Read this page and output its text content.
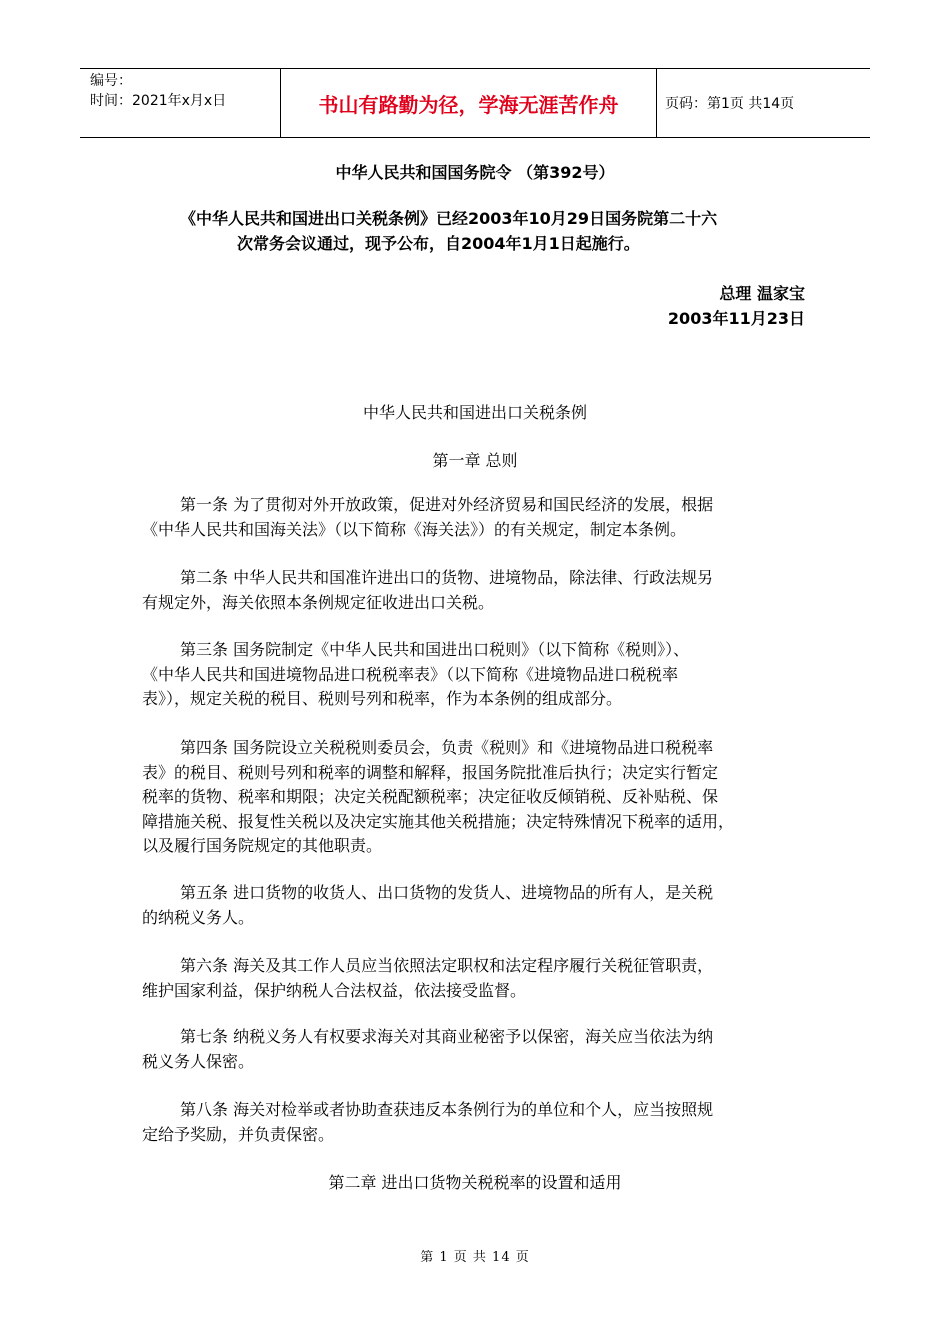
编号：
时间：2021年x月x日	书山有路勤为径，学海无涯苦作舟	页码：第1页 共14页
中华人民共和国国务院令 （第392号）
《中华人民共和国进出口关税条例》已经2003年10月29日国务院第二十六
次常务会议通过，现予公布，自2004年1月1日起施行。
总理 温家宝
2003年11月23日
中华人民共和国进出口关税条例
第一章 总则
第一条 为了贯彻对外开放政策，促进对外经济贸易和国民经济的发展，根据
《中华人民共和国海关法》（以下简称《海关法》）的有关规定，制定本条例。
第二条 中华人民共和国准许进出口的货物、进境物品，除法律、行政法规另
有规定外，海关依照本条例规定征收进出口关税。
第三条 国务院制定《中华人民共和国进出口税则》（以下简称《税则》）、
《中华人民共和国进境物品进口税税率表》（以下简称《进境物品进口税税率
表》），规定关税的税目、税则号列和税率，作为本条例的组成部分。
第四条 国务院设立关税税则委员会，负责《税则》和《进境物品进口税税率
表》的税目、税则号列和税率的调整和解释，报国务院批准后执行；决定实行暂定
税率的货物、税率和期限；决定关税配额税率；决定征收反倾销税、反补贴税、保
障措施关税、报复性关税以及决定实施其他关税措施；决定特殊情况下税率的适用，
以及履行国务院规定的其他职责。
第五条 进口货物的收货人、出口货物的发货人、进境物品的所有人，是关税
的纳税义务人。
第六条 海关及其工作人员应当依照法定职权和法定程序履行关税征管职责，
维护国家利益，保护纳税人合法权益，依法接受监督。
第七条 纳税义务人有权要求海关对其商业秘密予以保密，海关应当依法为纳
税义务人保密。
第八条 海关对检举或者协助查获违反本条例行为的单位和个人，应当按照规
定给予奖励，并负责保密。
第二章 进出口货物关税税率的设置和适用
第 1 页 共 14 页
